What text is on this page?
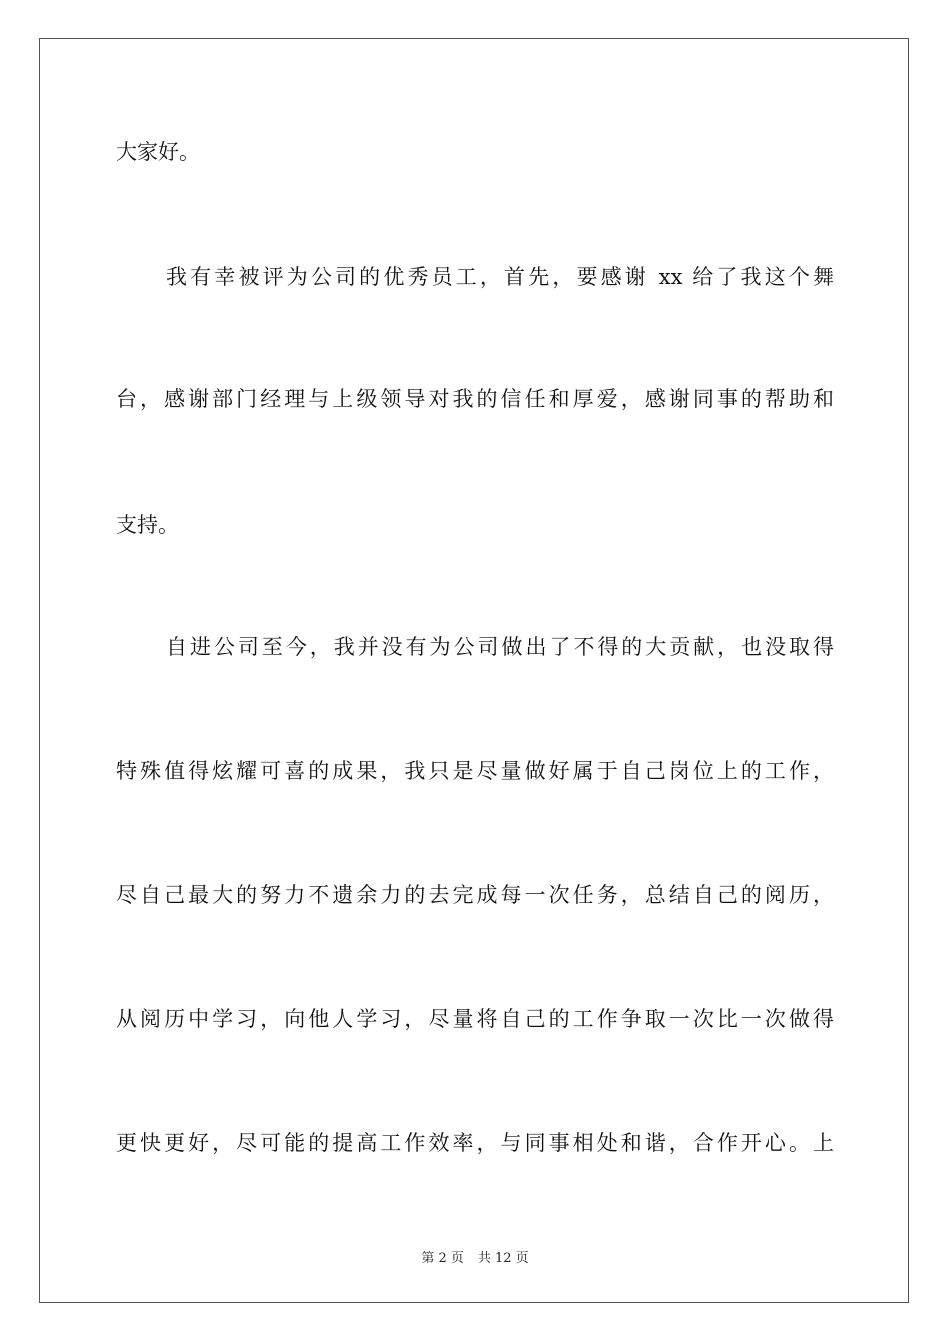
大家好。
我有幸被评为公司的优秀员工，首先，要感谢 xx 给了我这个舞
台，感谢部门经理与上级领导对我的信任和厚爱，感谢同事的帮助和
支持。
自进公司至今，我并没有为公司做出了不得的大贡献，也没取得
特殊值得炫耀可喜的成果，我只是尽量做好属于自己岗位上的工作，
尽自己最大的努力不遗余力的去完成每一次任务，总结自己的阅历，
从阅历中学习，向他人学习，尽量将自己的工作争取一次比一次做得
更快更好，尽可能的提高工作效率，与同事相处和谐，合作开心。上
第 2 页 共 12 页
